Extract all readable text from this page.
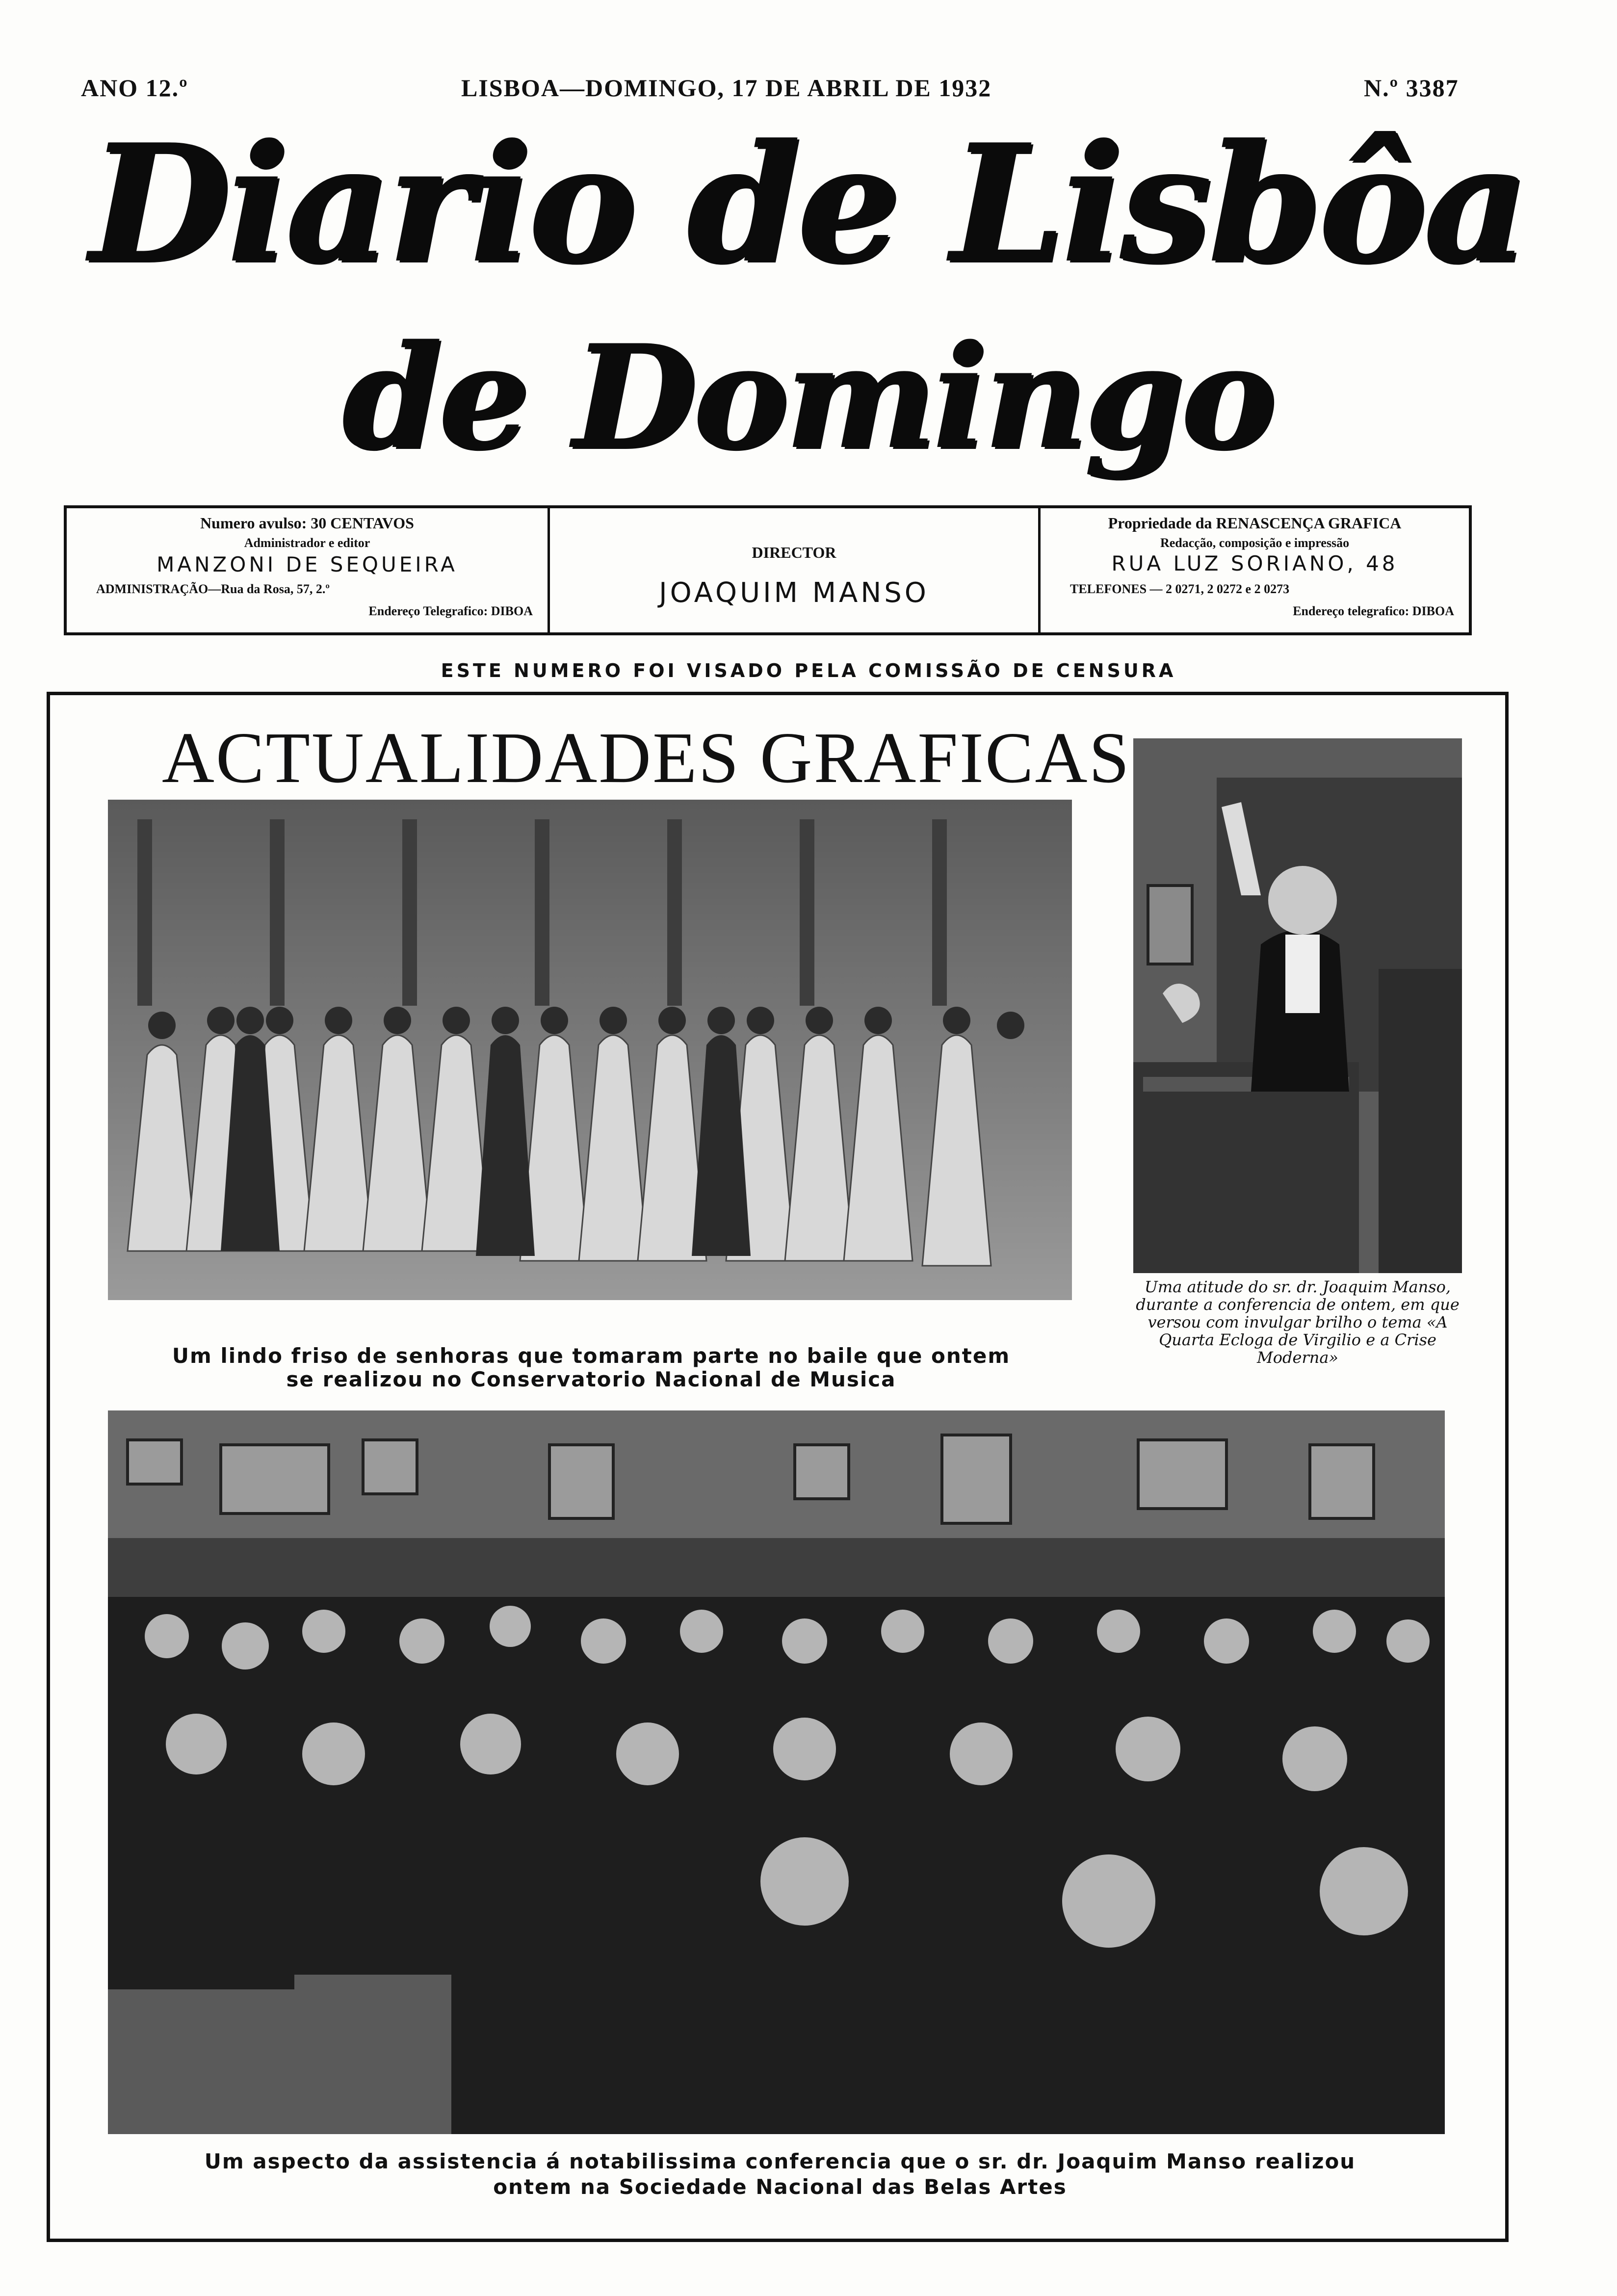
ANO 12.º	LISBOA—DOMINGO, 17 DE ABRIL DE 1932	N.º 3387
Diario de Lisbôa
de Domingo
Numero avulso: 30 CENTAVOS
Administrador e editor
MANZONI DE SEQUEIRA
ADMINISTRAÇÃO—Rua da Rosa, 57, 2.º
Endereço Telegrafico: DIBOA
DIRECTOR
JOAQUIM MANSO
Propriedade da RENASCENÇA GRAFICA
Redacção, composição e impressão
RUA LUZ SORIANO, 48
TELEFONES — 2 0271, 2 0272 e 2 0273
Endereço telegrafico: DIBOA
ESTE NUMERO FOI VISADO PELA COMISSÃO DE CENSURA
ACTUALIDADES GRAFICAS
Um lindo friso de senhoras que tomaram parte no baile que ontem
se realizou no Conservatorio Nacional de Musica
Uma atitude do sr. dr. Joaquim Manso, durante a conferencia de ontem, em que versou com invulgar brilho o tema «A Quarta Ecloga de Virgilio e a Crise Moderna»
Um aspecto da assistencia á notabilissima conferencia que o sr. dr. Joaquim Manso realizou
ontem na Sociedade Nacional das Belas Artes
